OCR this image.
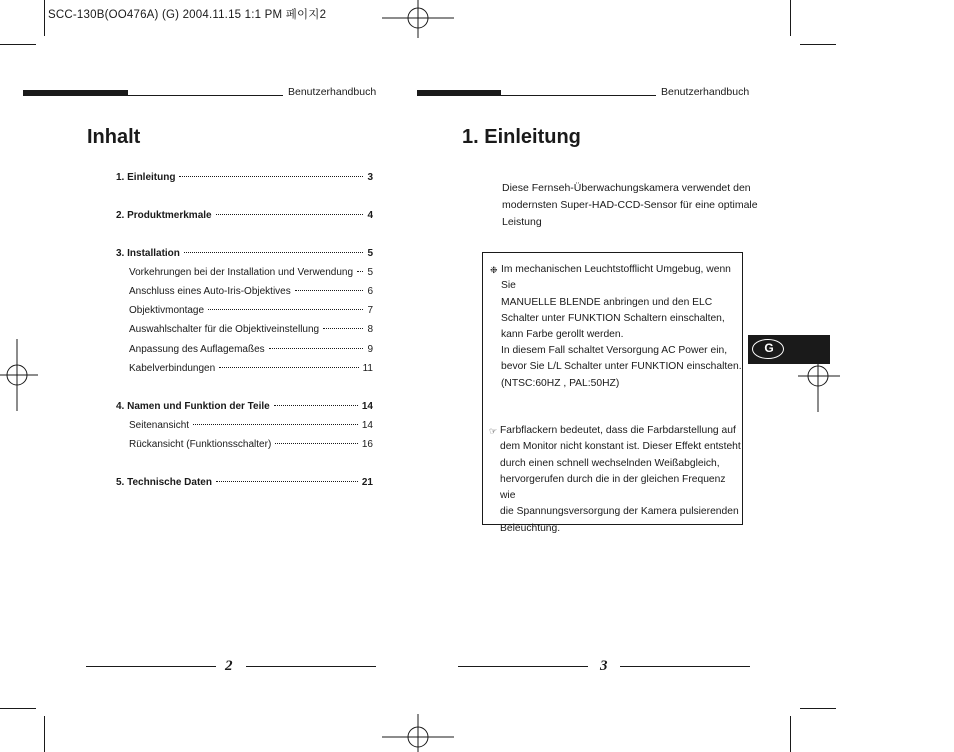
SCC-130B(OO476A) (G) 2004.11.15 1:1 PM 페이지2
Benutzerhandbuch	Benutzerhandbuch
Inhalt
1. Einleitung	3
2. Produktmerkmale	4
3. Installation	5
Vorkehrungen bei der Installation und Verwendung 5
Anschluss eines Auto-Iris-Objektives	6
Objektivmontage	7
Auswahlschalter für die Objektiveinstellung	8
Anpassung des Auflagemaßes	9
Kabelverbindungen	11
4. Namen und Funktion der Teile	14
Seitenansicht	14
Rückansicht (Funktionsschalter)	16
5. Technische Daten	21
2
1. Einleitung
Diese Fernseh-Überwachungskamera verwendet den
modernsten Super-HAD-CCD-Sensor für eine optimale
Leistung
❉ Im mechanischen Leuchtstofflicht Umgebug, wenn Sie
MANUELLE BLENDE anbringen und den ELC
Schalter unter FUNKTION Schaltern einschalten,
kann Farbe gerollt werden.
In diesem Fall schaltet Versorgung AC Power ein,
bevor Sie L/L Schalter unter FUNKTION einschalten.
(NTSC:60HZ , PAL:50HZ)
☞ Farbflackern bedeutet, dass die Farbdarstellung auf
dem Monitor nicht konstant ist. Dieser Effekt entsteht
durch einen schnell wechselnden Weißabgleich,
hervorgerufen durch die in der gleichen Frequenz wie
die Spannungsversorgung der Kamera pulsierenden
Beleuchtung.
G
3
